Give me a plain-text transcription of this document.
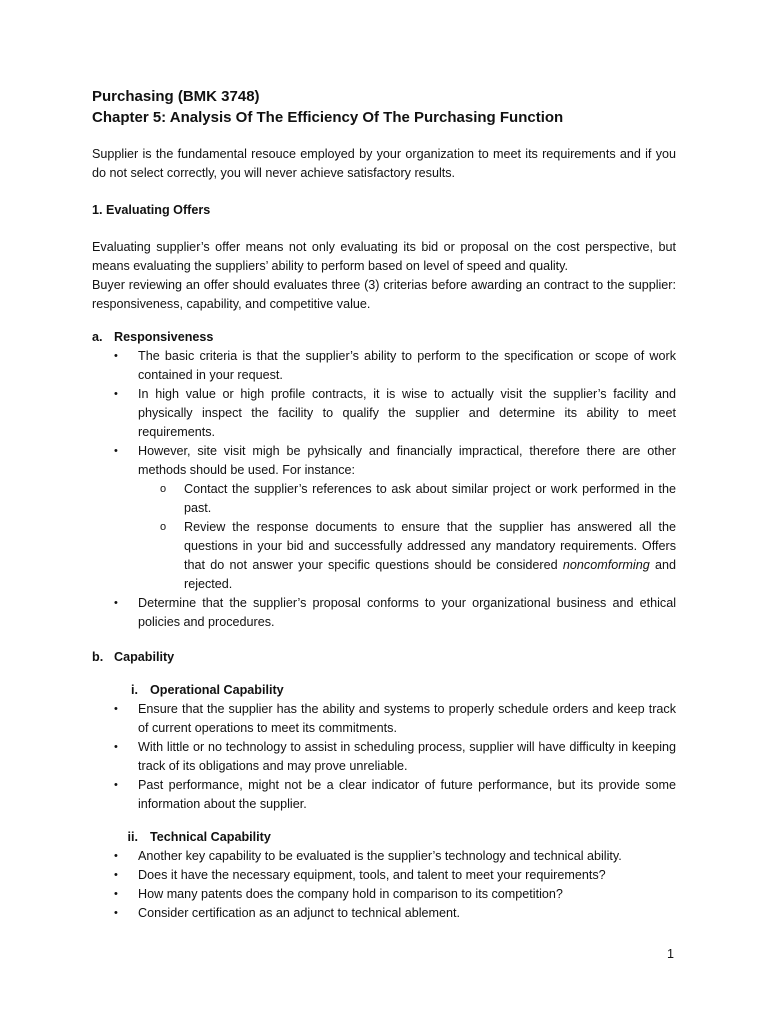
Purchasing (BMK 3748)

Chapter 5: Analysis Of The Efficiency Of The Purchasing Function

Supplier is the fundamental resouce employed by your organization to meet its requirements and if you do not select correctly, you will never achieve satisfactory results.

1. Evaluating Offers

Evaluating supplier’s offer means not only evaluating its bid or proposal on the cost perspective, but means evaluating the suppliers’ ability to perform based on level of speed and quality.

Buyer reviewing an offer should evaluates three (3) criterias before awarding an contract to the supplier: responsiveness, capability, and competitive value.

a. Responsiveness
•	The basic criteria is that the supplier’s ability to perform to the specification or scope of work contained in your request.
•	In high value or high profile contracts, it is wise to actually visit the supplier’s facility and physically inspect the facility to qualify the supplier and determine its ability to meet requirements.
•	However, site visit migh be pyhsically and financially impractical, therefore there are other methods should be used. For instance:
o	Contact the supplier’s references to ask about similar project or work performed in the past.
o	Review the response documents to ensure that the supplier has answered all the questions in your bid and successfully addressed any mandatory requirements. Offers that do not answer your specific questions should be considered noncomforming and rejected.
•	Determine that the supplier’s proposal conforms to your organizational business and ethical policies and procedures.
b. Capability
i. Operational Capability
•	Ensure that the supplier has the ability and systems to properly schedule orders and keep track of current operations to meet its commitments.
•	With little or no technology to assist in scheduling process, supplier will have difficulty in keeping track of its obligations and may prove unreliable.
•	Past performance, might not be a clear indicator of future performance, but its provide some information about the supplier.
ii. Technical Capability
•	Another key capability to be evaluated is the supplier’s technology and technical ability.
•	Does it have the necessary equipment, tools, and talent to meet your requirements?
•	How many patents does the company hold in comparison to its competition?
•	Consider certification as an adjunct to technical ablement.
1
